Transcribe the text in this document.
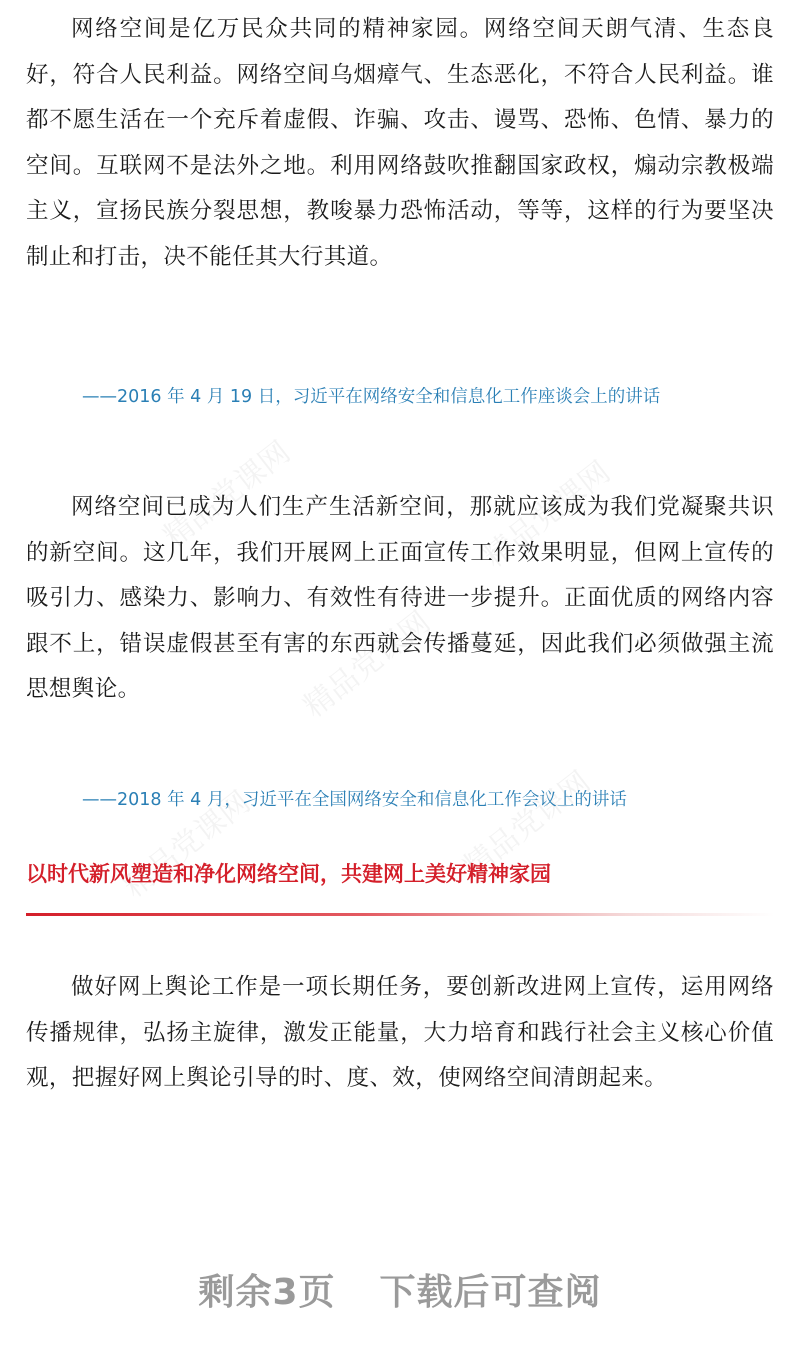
精品党课网	精品党课网
精品党课网
精品党课网	精品党课网

网络空间是亿万民众共同的精神家园。网络空间天朗气清、生态良好，符合人民利益。网络空间乌烟瘴气、生态恶化，不符合人民利益。谁都不愿生活在一个充斥着虚假、诈骗、攻击、谩骂、恐怖、色情、暴力的空间。互联网不是法外之地。利用网络鼓吹推翻国家政权，煽动宗教极端主义，宣扬民族分裂思想，教唆暴力恐怖活动，等等，这样的行为要坚决制止和打击，决不能任其大行其道。

——2016 年 4 月 19 日，习近平在网络安全和信息化工作座谈会上的讲话

网络空间已成为人们生产生活新空间，那就应该成为我们党凝聚共识的新空间。这几年，我们开展网上正面宣传工作效果明显，但网上宣传的吸引力、感染力、影响力、有效性有待进一步提升。正面优质的网络内容跟不上，错误虚假甚至有害的东西就会传播蔓延，因此我们必须做强主流思想舆论。

——2018 年 4 月，习近平在全国网络安全和信息化工作会议上的讲话

以时代新风塑造和净化网络空间，共建网上美好精神家园

做好网上舆论工作是一项长期任务，要创新改进网上宣传，运用网络传播规律，弘扬主旋律，激发正能量，大力培育和践行社会主义核心价值观，把握好网上舆论引导的时、度、效，使网络空间清朗起来。

剩余3页 下载后可查阅
